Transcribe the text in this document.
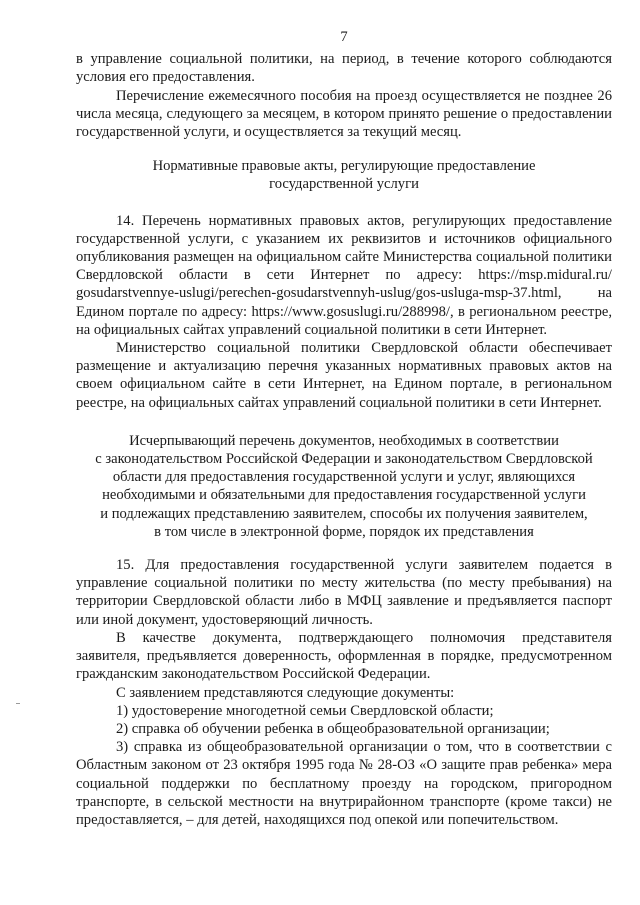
7

в управление социальной политики, на период, в течение которого соблюдаются условия его предоставления.

Перечисление ежемесячного пособия на проезд осуществляется не позднее 26 числа месяца, следующего за месяцем, в котором принято решение о предоставлении государственной услуги, и осуществляется за текущий месяц.

Нормативные правовые акты, регулирующие предоставление государственной услуги

14. Перечень нормативных правовых актов, регулирующих предоставление государственной услуги, с указанием их реквизитов и источников официального опубликования размещен на официальном сайте Министерства социальной политики Свердловской области в сети Интернет по адресу: https://msp.midural.ru/ gosudarstvennye-uslugi/perechen-gosudarstvennyh-uslug/gos-usluga-msp-37.html, на Едином портале по адресу: https://www.gosuslugi.ru/288998/, в региональном реестре, на официальных сайтах управлений социальной политики в сети Интернет.

Министерство социальной политики Свердловской области обеспечивает размещение и актуализацию перечня указанных нормативных правовых актов на своем официальном сайте в сети Интернет, на Едином портале, в региональном реестре, на официальных сайтах управлений социальной политики в сети Интернет.

Исчерпывающий перечень документов, необходимых в соответствии
с законодательством Российской Федерации и законодательством Свердловской
области для предоставления государственной услуги и услуг, являющихся
необходимыми и обязательными для предоставления государственной услуги
и подлежащих представлению заявителем, способы их получения заявителем,
в том числе в электронной форме, порядок их представления

15. Для предоставления государственной услуги заявителем подается в управление социальной политики по месту жительства (по месту пребывания) на территории Свердловской области либо в МФЦ заявление и предъявляется паспорт или иной документ, удостоверяющий личность.

В качестве документа, подтверждающего полномочия представителя заявителя, предъявляется доверенность, оформленная в порядке, предусмотренном гражданским законодательством Российской Федерации.

С заявлением представляются следующие документы:

1) удостоверение многодетной семьи Свердловской области;

2) справка об обучении ребенка в общеобразовательной организации;

3) справка из общеобразовательной организации о том, что в соответствии с Областным законом от 23 октября 1995 года № 28-ОЗ «О защите прав ребенка» мера социальной поддержки по бесплатному проезду на городском, пригородном транспорте, в сельской местности на внутрирайонном транспорте (кроме такси) не предоставляется, – для детей, находящихся под опекой или попечительством.
